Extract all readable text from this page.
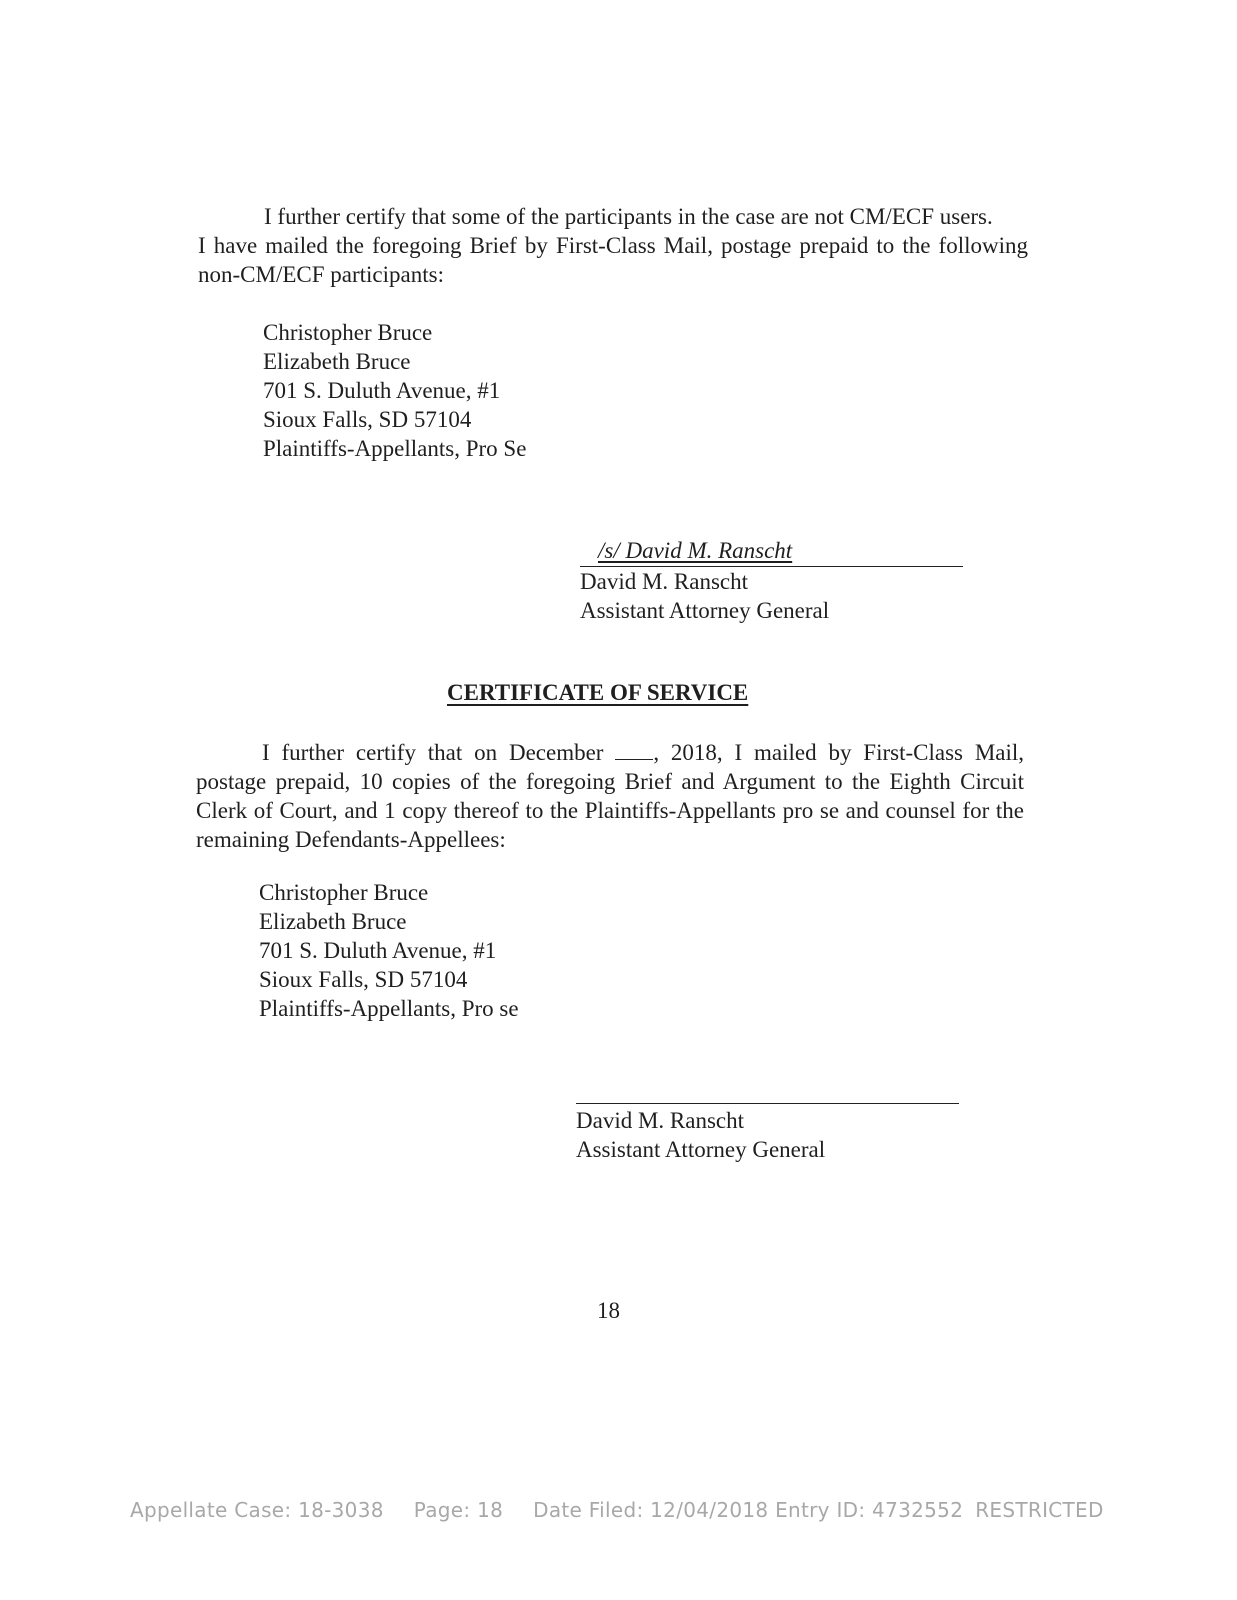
I further certify that some of the participants in the case are not CM/ECF users.
I have mailed the foregoing Brief by First-Class Mail, postage prepaid to the following non-CM/ECF participants:
Christopher Bruce
Elizabeth Bruce
701 S. Duluth Avenue, #1
Sioux Falls, SD 57104
Plaintiffs-Appellants, Pro Se
/s/ David M. Ranscht
David M. Ranscht
Assistant Attorney General
CERTIFICATE OF SERVICE
I further certify that on December , 2018, I mailed by First-Class Mail, postage prepaid, 10 copies of the foregoing Brief and Argument to the Eighth Circuit Clerk of Court, and 1 copy thereof to the Plaintiffs-Appellants pro se and counsel for the remaining Defendants-Appellees:
Christopher Bruce
Elizabeth Bruce
701 S. Duluth Avenue, #1
Sioux Falls, SD 57104
Plaintiffs-Appellants, Pro se
David M. Ranscht
Assistant Attorney General
18
Appellate Case: 18-3038 Page: 18 Date Filed: 12/04/2018 Entry ID: 4732552 RESTRICTED
